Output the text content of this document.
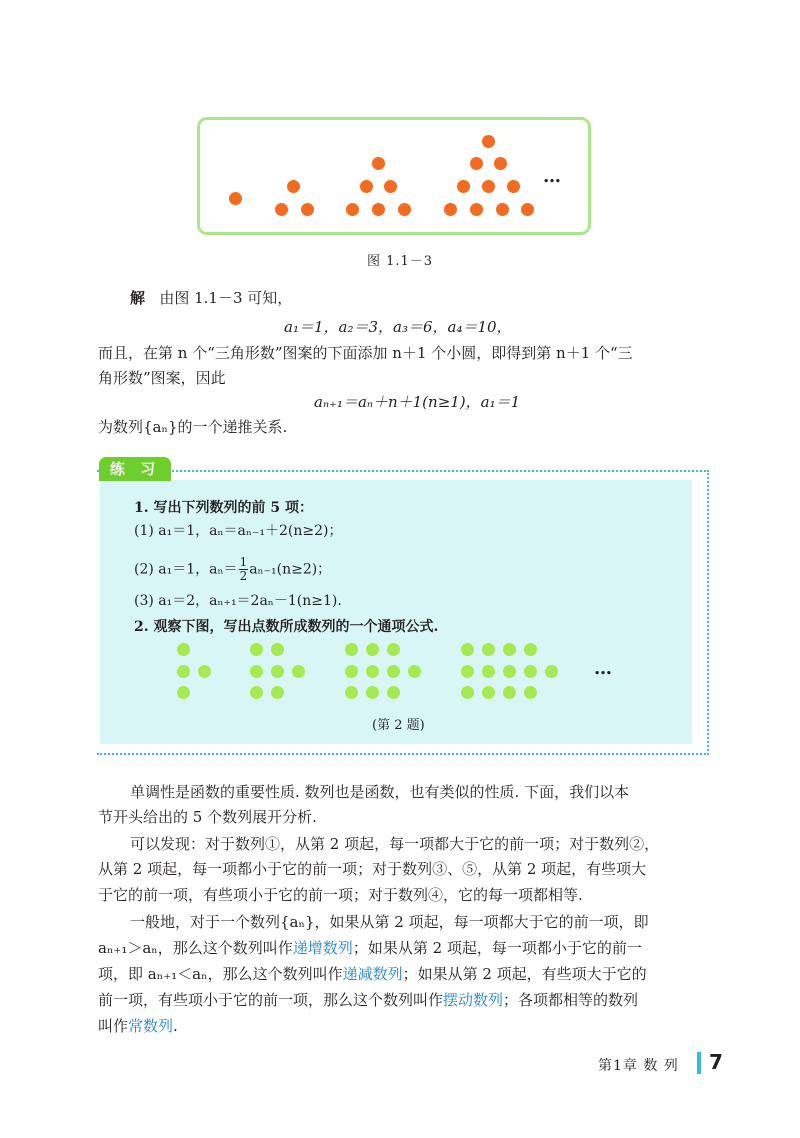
…
图 1.1－3
解 由图 1.1－3 可知，
a₁＝1，a₂＝3，a₃＝6，a₄＝10，
而且，在第 n 个“三角形数”图案的下面添加 n＋1 个小圆，即得到第 n＋1 个“三
角形数”图案，因此
aₙ₊₁＝aₙ＋n＋1(n≥1)，a₁＝1
为数列{aₙ}的一个递推关系.
练 习
1. 写出下列数列的前 5 项：
(1) a₁＝1，aₙ＝aₙ₋₁＋2(n≥2)；
(2) a₁＝1，$a_n= \frac{1}{2} a_{n-1}(n\ge 2)$；
(3) a₁＝2，aₙ₊₁＝2aₙ－1(n≥1).
2. 观察下图，写出点数所成数列的一个通项公式.
…
(第 2 题)
单调性是函数的重要性质. 数列也是函数，也有类似的性质. 下面，我们以本
节开头给出的 5 个数列展开分析.
可以发现：对于数列①，从第 2 项起，每一项都大于它的前一项；对于数列②，
从第 2 项起，每一项都小于它的前一项；对于数列③、⑤，从第 2 项起，有些项大
于它的前一项，有些项小于它的前一项；对于数列④，它的每一项都相等.
一般地，对于一个数列{aₙ}，如果从第 2 项起，每一项都大于它的前一项，即
aₙ₊₁＞aₙ，那么这个数列叫作递增数列；如果从第 2 项起，每一项都小于它的前一
项，即 aₙ₊₁＜aₙ，那么这个数列叫作递减数列；如果从第 2 项起，有些项大于它的
前一项，有些项小于它的前一项，那么这个数列叫作摆动数列；各项都相等的数列
叫作常数列.
第1章 数 列 7
